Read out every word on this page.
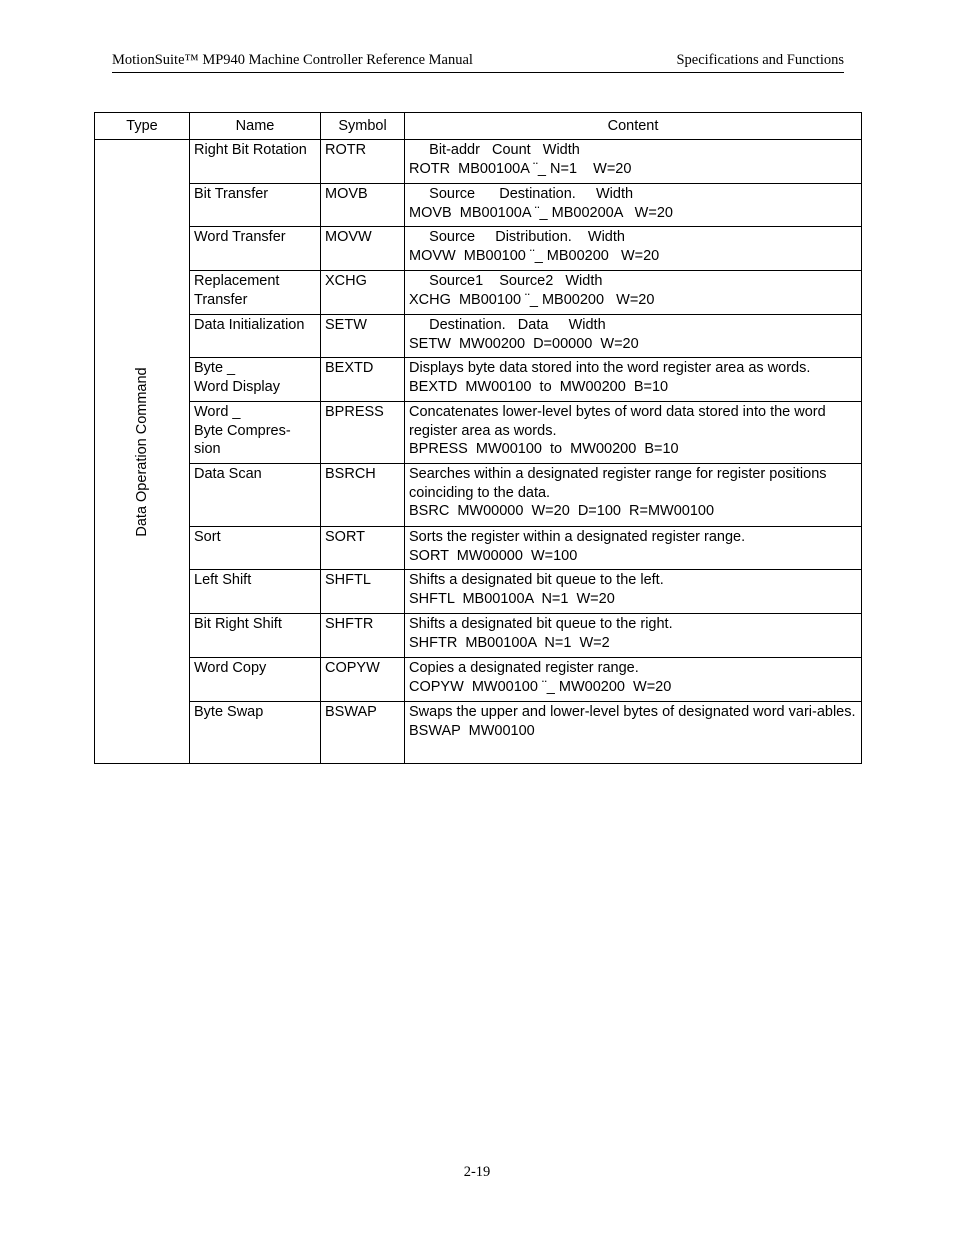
MotionSuite™ MP940 Machine Controller Reference Manual	Specifications and Functions
Type	Name	Symbol	Content

Data Operation Command	Right Bit Rotation	ROTR	Bit-addr   Count   Width
ROTR  MB00100A ¨_ N=1    W=20

	Bit Transfer	MOVB	Source      Destination.     Width
MOVB  MB00100A ¨_ MB00200A   W=20

	Word Transfer	MOVW	Source     Distribution.    Width
MOVW  MB00100 ¨_ MB00200   W=20

	Replacement Transfer	XCHG	Source1    Source2   Width
XCHG  MB00100 ¨_ MB00200   W=20

	Data Initialization	SETW	Destination.   Data     Width
SETW  MW00200  D=00000  W=20

	Byte _
Word Display	BEXTD	Displays byte data stored into the word register area as words.
BEXTD  MW00100  to  MW00200  B=10

	Word _
Byte Compres-
sion	BPRESS	Concatenates lower-level bytes of word data stored into the word register area as words.
BPRESS  MW00100  to  MW00200  B=10

	Data Scan	BSRCH	Searches within a designated register range for register positions coinciding to the data.
BSRC  MW00000  W=20  D=100  R=MW00100

	Sort	SORT	Sorts the register within a designated register range.
SORT  MW00000  W=100

	Left Shift	SHFTL	Shifts a designated bit queue to the left.
SHFTL  MB00100A  N=1  W=20

	Bit Right Shift	SHFTR	Shifts a designated bit queue to the right.
SHFTR  MB00100A  N=1  W=2

	Word Copy	COPYW	Copies a designated register range.
COPYW  MW00100 ¨_ MW00200  W=20

	Byte Swap	BSWAP	Swaps the upper and lower-level bytes of designated word vari-ables.
BSWAP  MW00100
2-19
